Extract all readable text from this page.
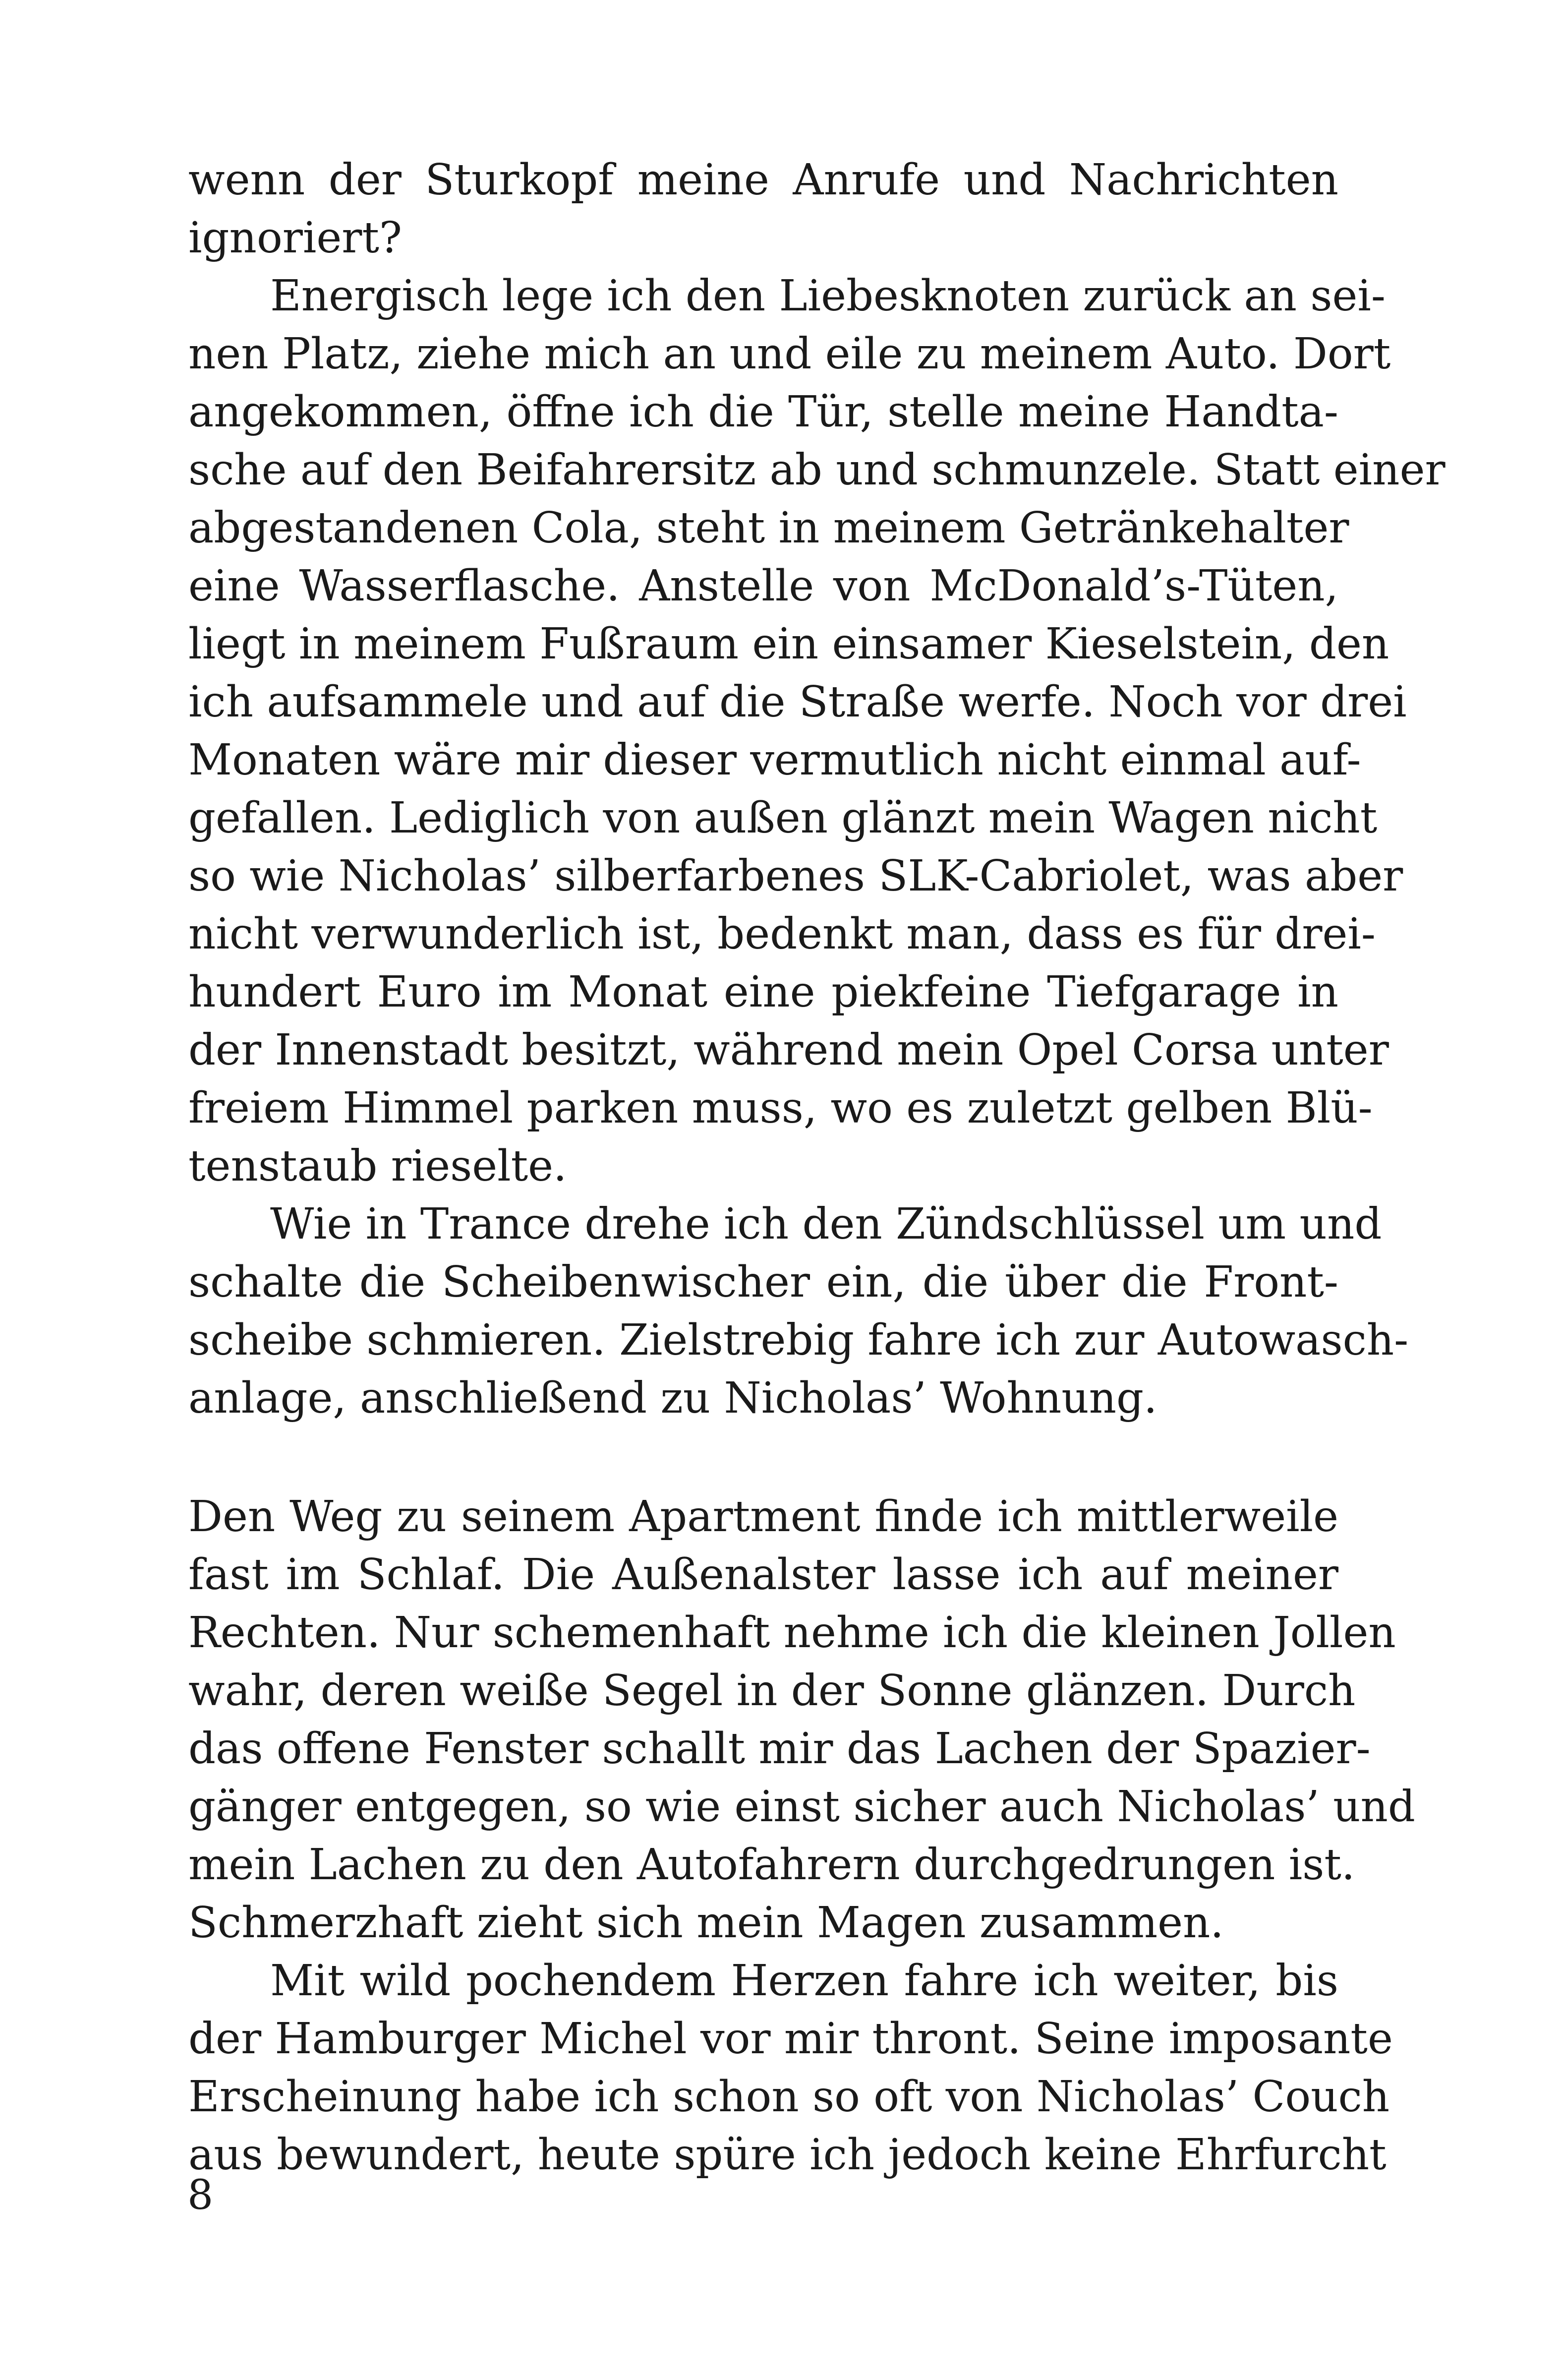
wenn der Sturkopf meine Anrufe und Nachrichten
ignoriert?
Energisch lege ich den Liebesknoten zurück an sei-
nen Platz, ziehe mich an und eile zu meinem Auto. Dort
angekommen, öffne ich die Tür, stelle meine Handta-
sche auf den Beifahrersitz ab und schmunzele. Statt einer
abgestandenen Cola, steht in meinem Getränkehalter
eine Wasserflasche. Anstelle von McDonald’s-Tüten,
liegt in meinem Fußraum ein einsamer Kieselstein, den
ich aufsammele und auf die Straße werfe. Noch vor drei
Monaten wäre mir dieser vermutlich nicht einmal auf-
gefallen. Lediglich von außen glänzt mein Wagen nicht
so wie Nicholas’ silberfarbenes SLK-Cabriolet, was aber
nicht verwunderlich ist, bedenkt man, dass es für drei-
hundert Euro im Monat eine piekfeine Tiefgarage in
der Innenstadt besitzt, während mein Opel Corsa unter
freiem Himmel parken muss, wo es zuletzt gelben Blü-
tenstaub rieselte.
Wie in Trance drehe ich den Zündschlüssel um und
schalte die Scheibenwischer ein, die über die Front-
scheibe schmieren. Zielstrebig fahre ich zur Autowasch-
anlage, anschließend zu Nicholas’ Wohnung.
Den Weg zu seinem Apartment finde ich mittlerweile
fast im Schlaf. Die Außenalster lasse ich auf meiner
Rechten. Nur schemenhaft nehme ich die kleinen Jollen
wahr, deren weiße Segel in der Sonne glänzen. Durch
das offene Fenster schallt mir das Lachen der Spazier-
gänger entgegen, so wie einst sicher auch Nicholas’ und
mein Lachen zu den Autofahrern durchgedrungen ist.
Schmerzhaft zieht sich mein Magen zusammen.
Mit wild pochendem Herzen fahre ich weiter, bis
der Hamburger Michel vor mir thront. Seine imposante
Erscheinung habe ich schon so oft von Nicholas’ Couch
aus bewundert, heute spüre ich jedoch keine Ehrfurcht
8
